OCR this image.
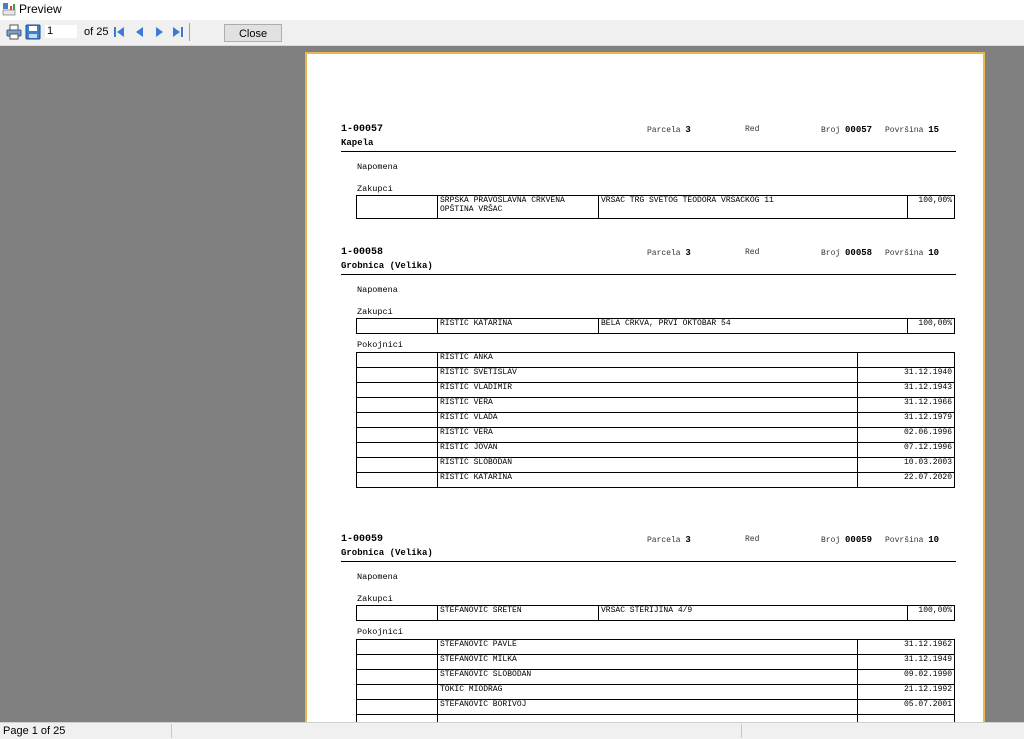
Preview
1
of 25	Close
1-00057	Parcela 3	Red	Broj 00057 Površina 15
Kapela
Napomena
Zakupci
	SRPSKA PRAVOSLAVNA CRKVENA OPŠTINA VRŠAC	VRŠAC TRG SVETOG TEODORA VRŠAČKOG 11	100,00%
1-00058	Parcela 3	Red	Broj 00058 Površina 10
Grobnica (Velika)
Napomena
Zakupci
	RISTIĆ KATARINA	BELA CRKVA, PRVI OKTOBAR 54	100,00%
Pokojnici
	RISTIĆ ANKA	
	RISTIĆ SVETISLAV	31.12.1940
	RISTIĆ VLADIMIR	31.12.1943
	RISTIĆ VERA	31.12.1966
	RISTIĆ VLADA	31.12.1979
	RISTIĆ VERA	02.06.1996
	RISTIĆ JOVAN	07.12.1996
	RISTIĆ SLOBODAN	10.03.2003
	RISTIĆ KATARINA	22.07.2020
1-00059	Parcela 3	Red	Broj 00059 Površina 10
Grobnica (Velika)
Napomena
Zakupci
	STEFANOVIĆ SRETEN	VRŠAC STERIJINA 4/9	100,00%
Pokojnici
	STEFANOVIĆ PAVLE	31.12.1962
	STEFANOVIĆ MILKA	31.12.1949
	STEFANOVIĆ SLOBODAN	09.02.1990
	TOKIĆ MIODRAG	21.12.1992
	STEFANOVIĆ BORIVOJ	05.07.2001

Page 1 of 25
